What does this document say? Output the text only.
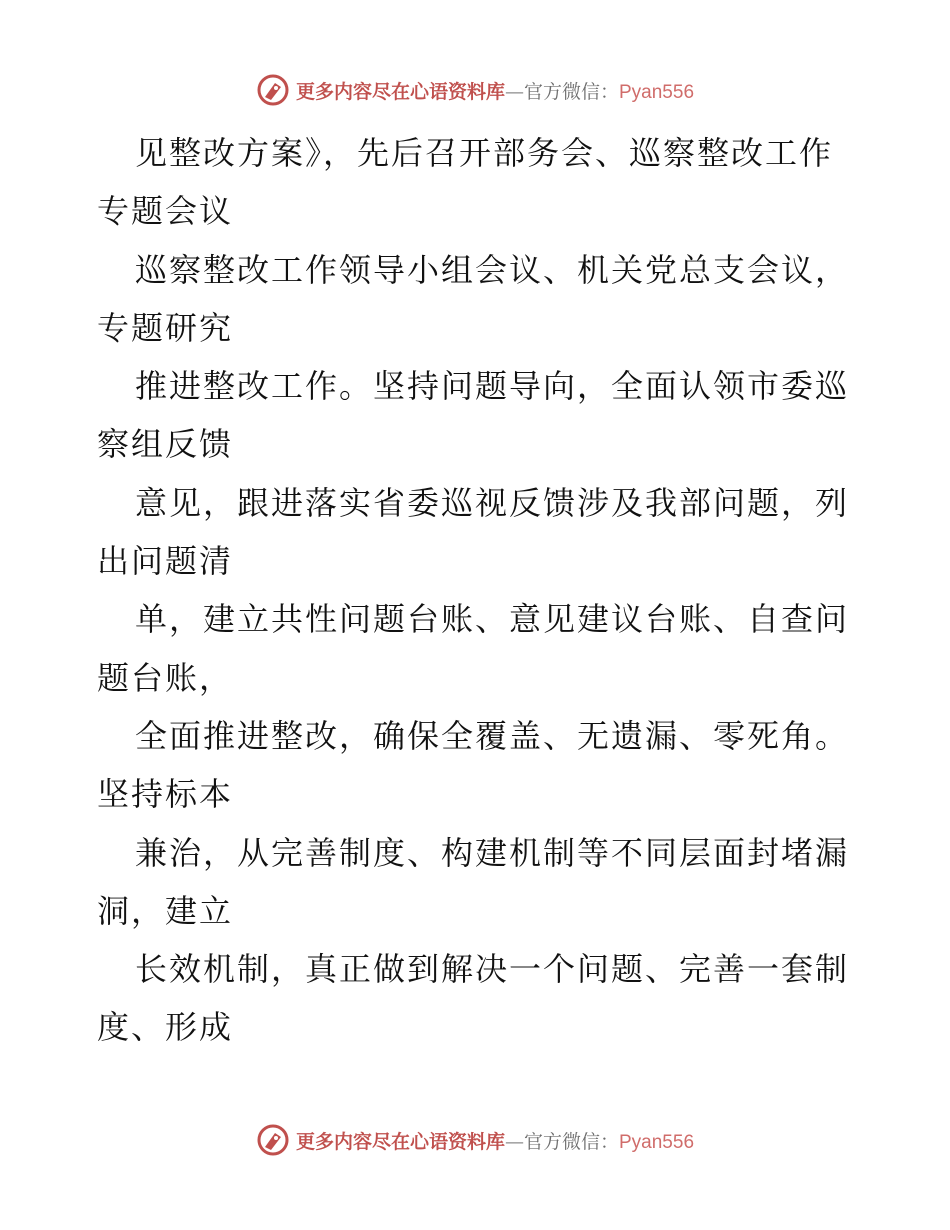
更多内容尽在心语资料库—官方微信：Pyan556
见整改方案》，先后召开部务会、巡察整改工作
专题会议
巡察整改工作领导小组会议、机关党总支会议，
专题研究
推进整改工作。坚持问题导向，全面认领市委巡
察组反馈
意见，跟进落实省委巡视反馈涉及我部问题，列
出问题清
单，建立共性问题台账、意见建议台账、自查问
题台账，
全面推进整改，确保全覆盖、无遗漏、零死角。
坚持标本
兼治，从完善制度、构建机制等不同层面封堵漏
洞，建立
长效机制，真正做到解决一个问题、完善一套制
度、形成
更多内容尽在心语资料库—官方微信：Pyan556
